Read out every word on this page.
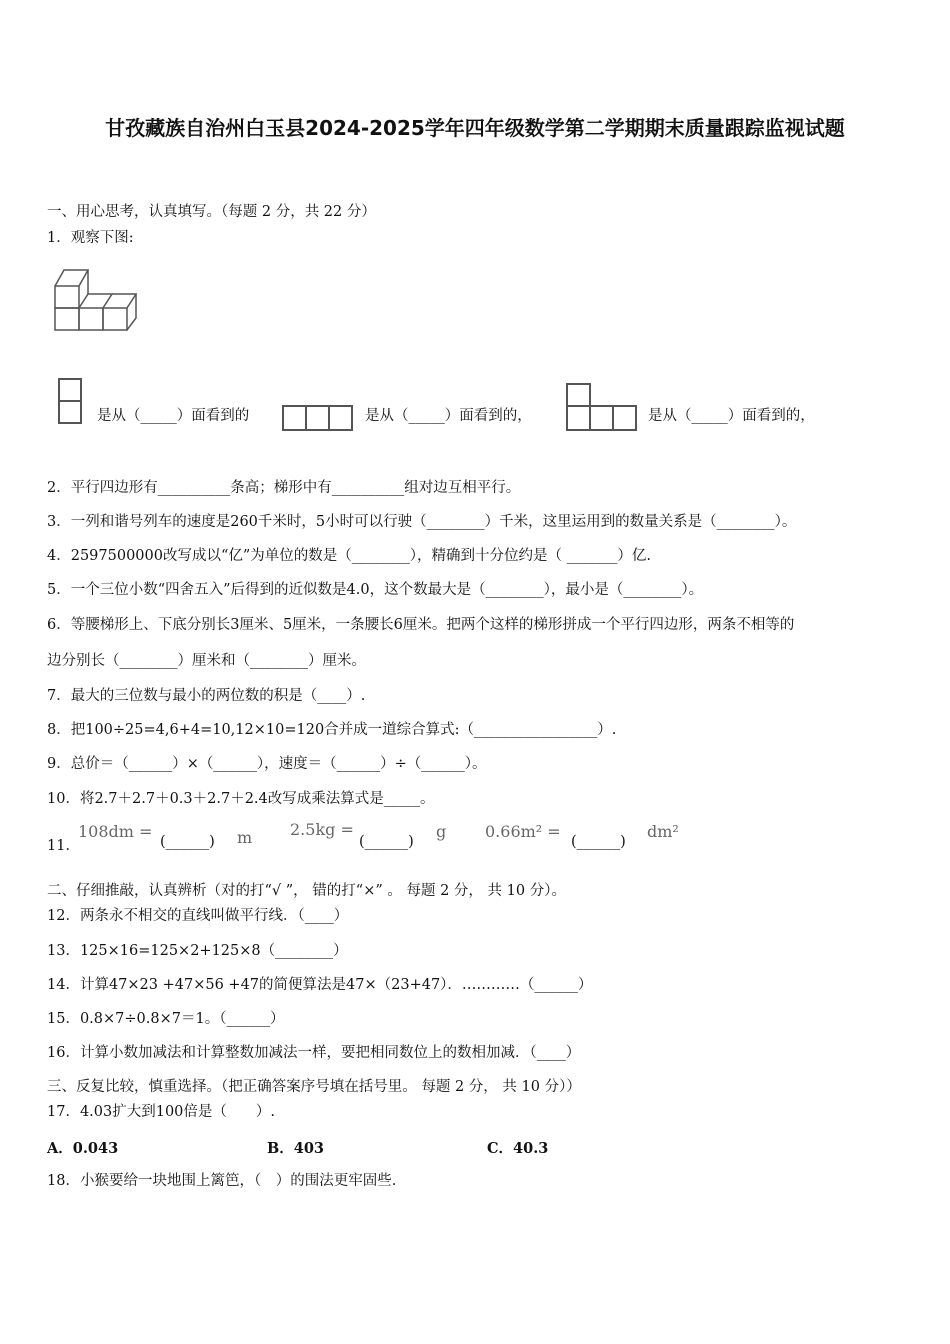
甘孜藏族自治州白玉县2024-2025学年四年级数学第二学期期末质量跟踪监视试题
一、用心思考，认真填写。（每题 2 分，共 22 分）
1．观察下图:
是从（_____）面看到的	是从（_____）面看到的，	是从（_____）面看到的，
2．平行四边形有__________条高；梯形中有__________组对边互相平行。
3．一列和谐号列车的速度是260千米时，5小时可以行驶（________）千米，这里运用到的数量关系是（________）。
4．2597500000改写成以“亿”为单位的数是（________），精确到十分位约是（ _______）亿.
5．一个三位小数“四舍五入”后得到的近似数是4.0，这个数最大是（________），最小是（________）。
6．等腰梯形上、下底分别长3厘米、5厘米，一条腰长6厘米。把两个这样的梯形拼成一个平行四边形，两条不相等的
边分别长（________）厘米和（________）厘米。
7．最大的三位数与最小的两位数的积是（____）.
8．把100÷25=4,6+4=10,12×10=120合并成一道综合算式:（_________________）.
9．总价＝（______）×（______），速度＝（______）÷（______）。
10．将2.7＋2.7＋0.3＋2.7＋2.4改写成乘法算式是_____。
11．
108dm =
(______) m 2.5kg =
(______)
g 0.66m² =
(______)
dm²
二、仔细推敲，认真辨析（对的打“√ ”， 错的打“×” 。 每题 2 分， 共 10 分）。
12．两条永不相交的直线叫做平行线．（____）
13．125×16=125×2+125×8（________）
14．计算47×23 +47×56 +47的简便算法是47×（23+47）．…………（______）
15．0.8×7÷0.8×7＝1。（______）
16．计算小数加减法和计算整数加减法一样，要把相同数位上的数相加减．（____）
三、反复比较，慎重选择。（把正确答案序号填在括号里。 每题 2 分， 共 10 分））
17．4.03扩大到100倍是（　　）.
A．0.043	B．403	C．40.3
18．小猴要给一块地围上篱笆，（　）的围法更牢固些.
